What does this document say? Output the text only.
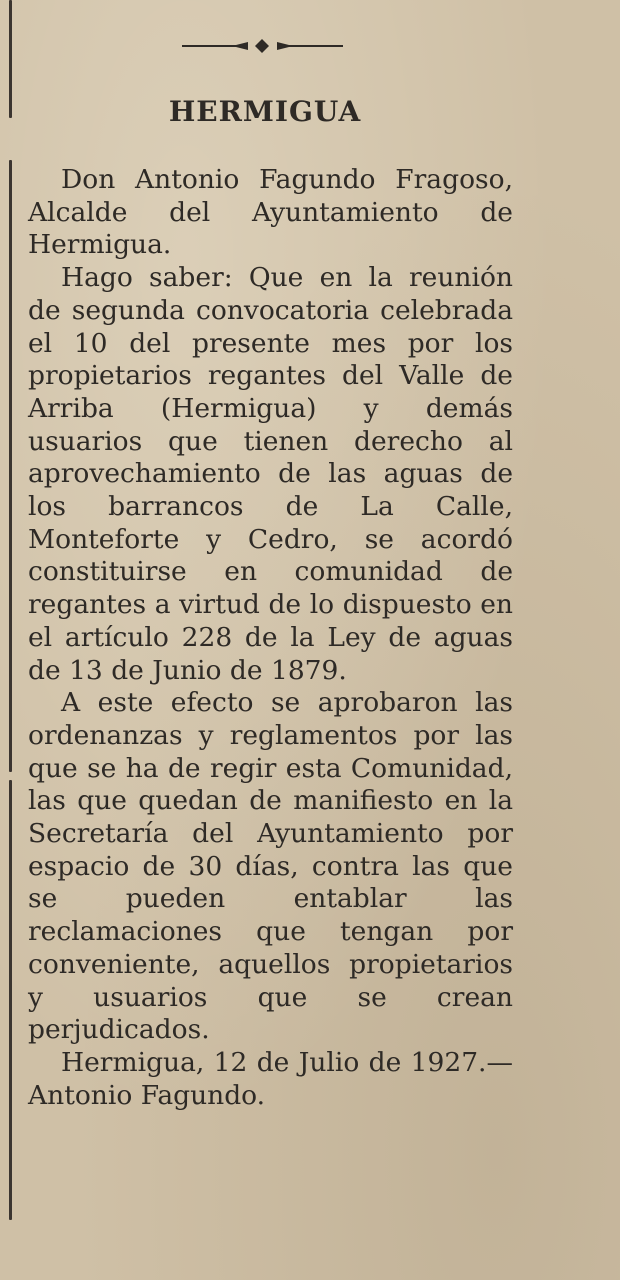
HERMIGUA

Don Antonio Fagundo Fragoso, Alcalde del Ayuntamiento de Hermigua.

Hago saber: Que en la reunión de segunda convocatoria celebrada el 10 del presente mes por los propietarios regantes del Valle de Arriba (Hermigua) y demás usuarios que tienen derecho al aprovechamiento de las aguas de los barrancos de La Calle, Monteforte y Cedro, se acordó constituirse en comunidad de regantes a virtud de lo dispuesto en el artículo 228 de la Ley de aguas de 13 de Junio de 1879.

A este efecto se aprobaron las ordenanzas y reglamentos por las que se ha de regir esta Comunidad, las que quedan de manifiesto en la Secretaría del Ayuntamiento por espacio de 30 días, contra las que se pueden entablar las reclamaciones que tengan por conveniente, aquellos propietarios y usuarios que se crean perjudicados.

Hermigua, 12 de Julio de 1927.—Antonio Fagundo.
